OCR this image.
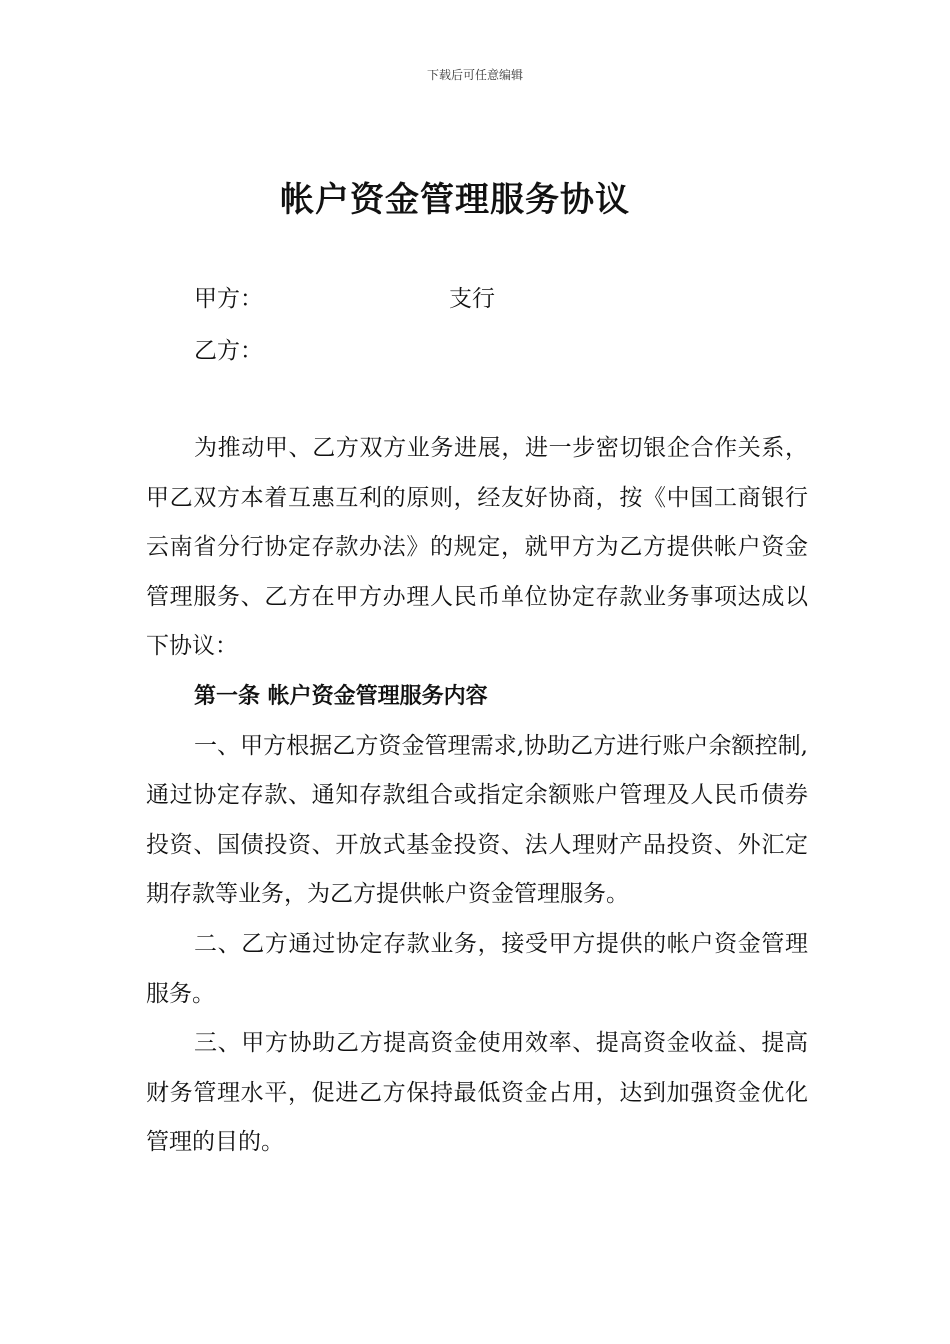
下载后可任意编辑
帐户资金管理服务协议
甲方：	支行
乙方：

为推动甲、乙方双方业务进展，进一步密切银企合作关系，甲乙双方本着互惠互利的原则，经友好协商，按《中国工商银行云南省分行协定存款办法》的规定，就甲方为乙方提供帐户资金管理服务、乙方在甲方办理人民币单位协定存款业务事项达成以下协议：

第一条 帐户资金管理服务内容

一、甲方根据乙方资金管理需求,协助乙方进行账户余额控制,通过协定存款、通知存款组合或指定余额账户管理及人民币债券投资、国债投资、开放式基金投资、法人理财产品投资、外汇定期存款等业务，为乙方提供帐户资金管理服务。

二、乙方通过协定存款业务，接受甲方提供的帐户资金管理服务。

三、甲方协助乙方提高资金使用效率、提高资金收益、提高财务管理水平，促进乙方保持最低资金占用，达到加强资金优化管理的目的。
